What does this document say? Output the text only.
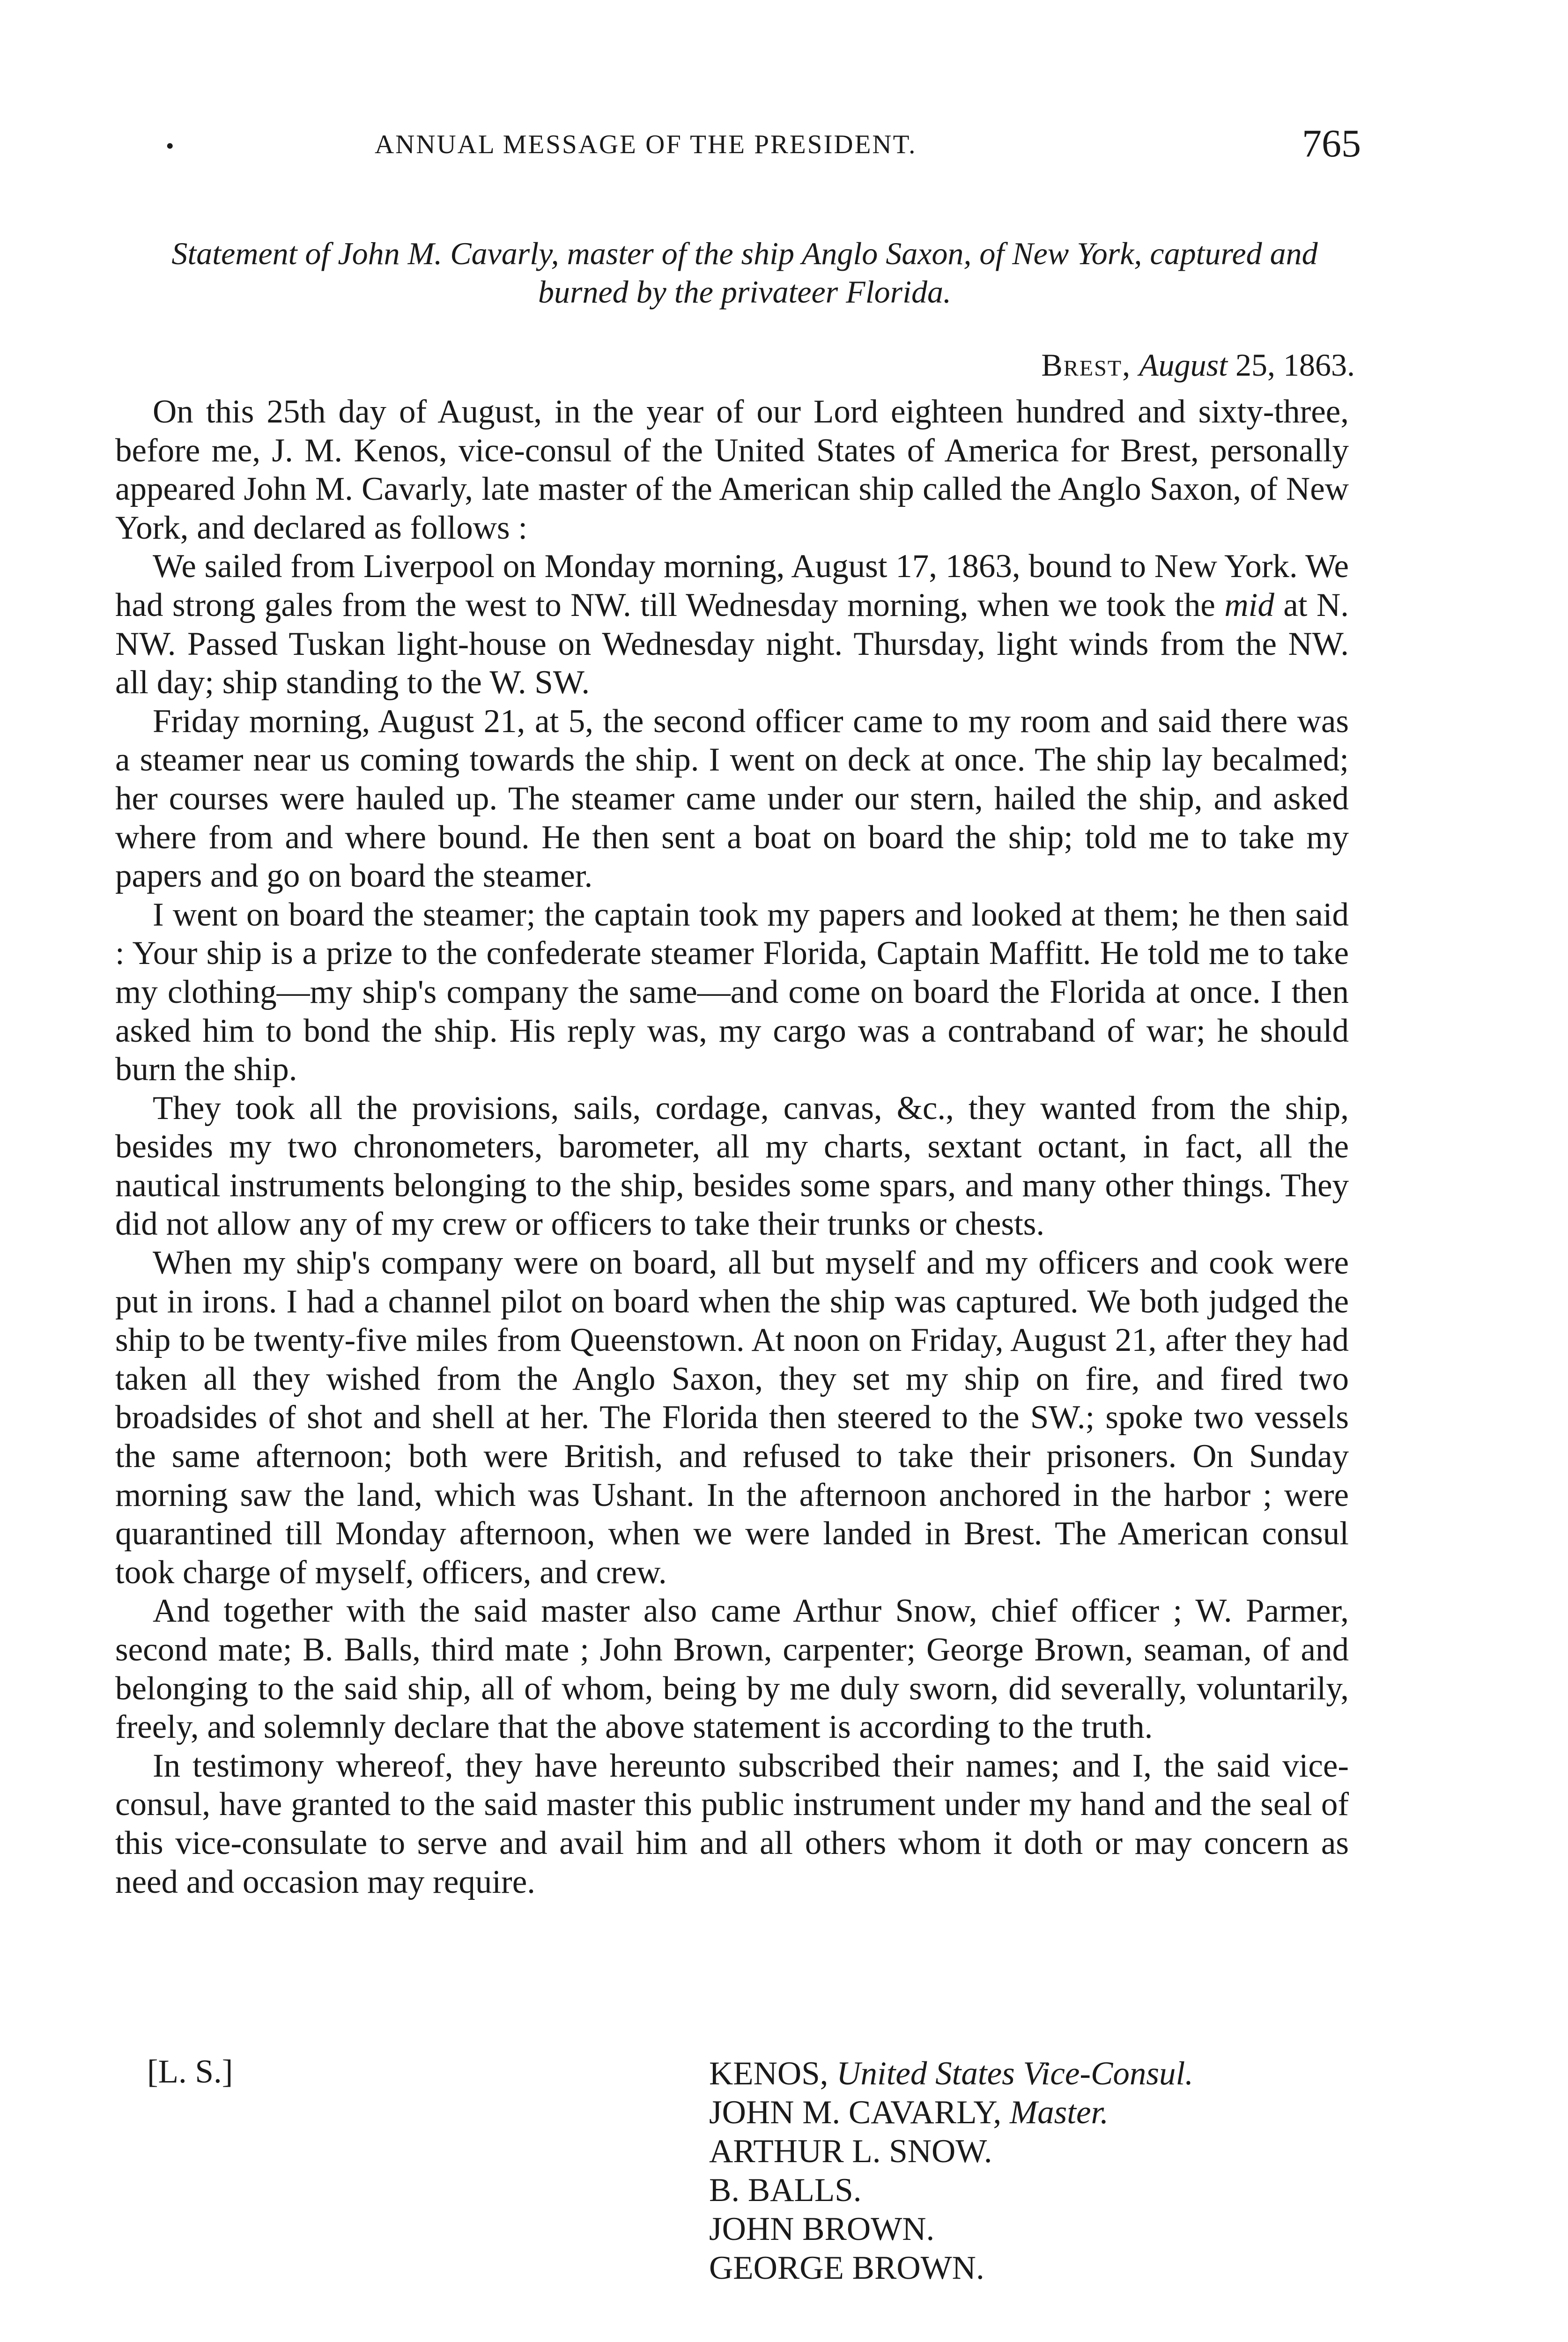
•	ANNUAL MESSAGE OF THE PRESIDENT.	765
Statement of John M. Cavarly, master of the ship Anglo Saxon, of New York, captured and burned by the privateer Florida.
Brest, August 25, 1863.

On this 25th day of August, in the year of our Lord eighteen hundred and sixty-three, before me, J. M. Kenos, vice-consul of the United States of America for Brest, personally appeared John M. Cavarly, late master of the American ship called the Anglo Saxon, of New York, and declared as follows :

We sailed from Liverpool on Monday morning, August 17, 1863, bound to New York. We had strong gales from the west to NW. till Wednesday morning, when we took the mid at N. NW. Passed Tuskan light-house on Wednesday night. Thursday, light winds from the NW. all day; ship standing to the W. SW.

Friday morning, August 21, at 5, the second officer came to my room and said there was a steamer near us coming towards the ship. I went on deck at once. The ship lay becalmed; her courses were hauled up. The steamer came under our stern, hailed the ship, and asked where from and where bound. He then sent a boat on board the ship; told me to take my papers and go on board the steamer.

I went on board the steamer; the captain took my papers and looked at them; he then said : Your ship is a prize to the confederate steamer Florida, Captain Maffitt. He told me to take my clothing—my ship's company the same—and come on board the Florida at once. I then asked him to bond the ship. His reply was, my cargo was a contraband of war; he should burn the ship.

They took all the provisions, sails, cordage, canvas, &c., they wanted from the ship, besides my two chronometers, barometer, all my charts, sextant octant, in fact, all the nautical instruments belonging to the ship, besides some spars, and many other things. They did not allow any of my crew or officers to take their trunks or chests.

When my ship's company were on board, all but myself and my officers and cook were put in irons. I had a channel pilot on board when the ship was captured. We both judged the ship to be twenty-five miles from Queenstown. At noon on Friday, August 21, after they had taken all they wished from the Anglo Saxon, they set my ship on fire, and fired two broadsides of shot and shell at her. The Florida then steered to the SW.; spoke two vessels the same afternoon; both were British, and refused to take their prisoners. On Sunday morning saw the land, which was Ushant. In the afternoon anchored in the harbor ; were quarantined till Monday afternoon, when we were landed in Brest. The American consul took charge of myself, officers, and crew.

And together with the said master also came Arthur Snow, chief officer ; W. Parmer, second mate; B. Balls, third mate ; John Brown, carpenter; George Brown, seaman, of and belonging to the said ship, all of whom, being by me duly sworn, did severally, voluntarily, freely, and solemnly declare that the above statement is according to the truth.

In testimony whereof, they have hereunto subscribed their names; and I, the said vice-consul, have granted to the said master this public instrument under my hand and the seal of this vice-consulate to serve and avail him and all others whom it doth or may concern as need and occasion may require.

[L. S.]	KENOS, United States Vice-Consul.
JOHN M. CAVARLY, Master.
ARTHUR L. SNOW.
B. BALLS.
JOHN BROWN.
GEORGE BROWN.
